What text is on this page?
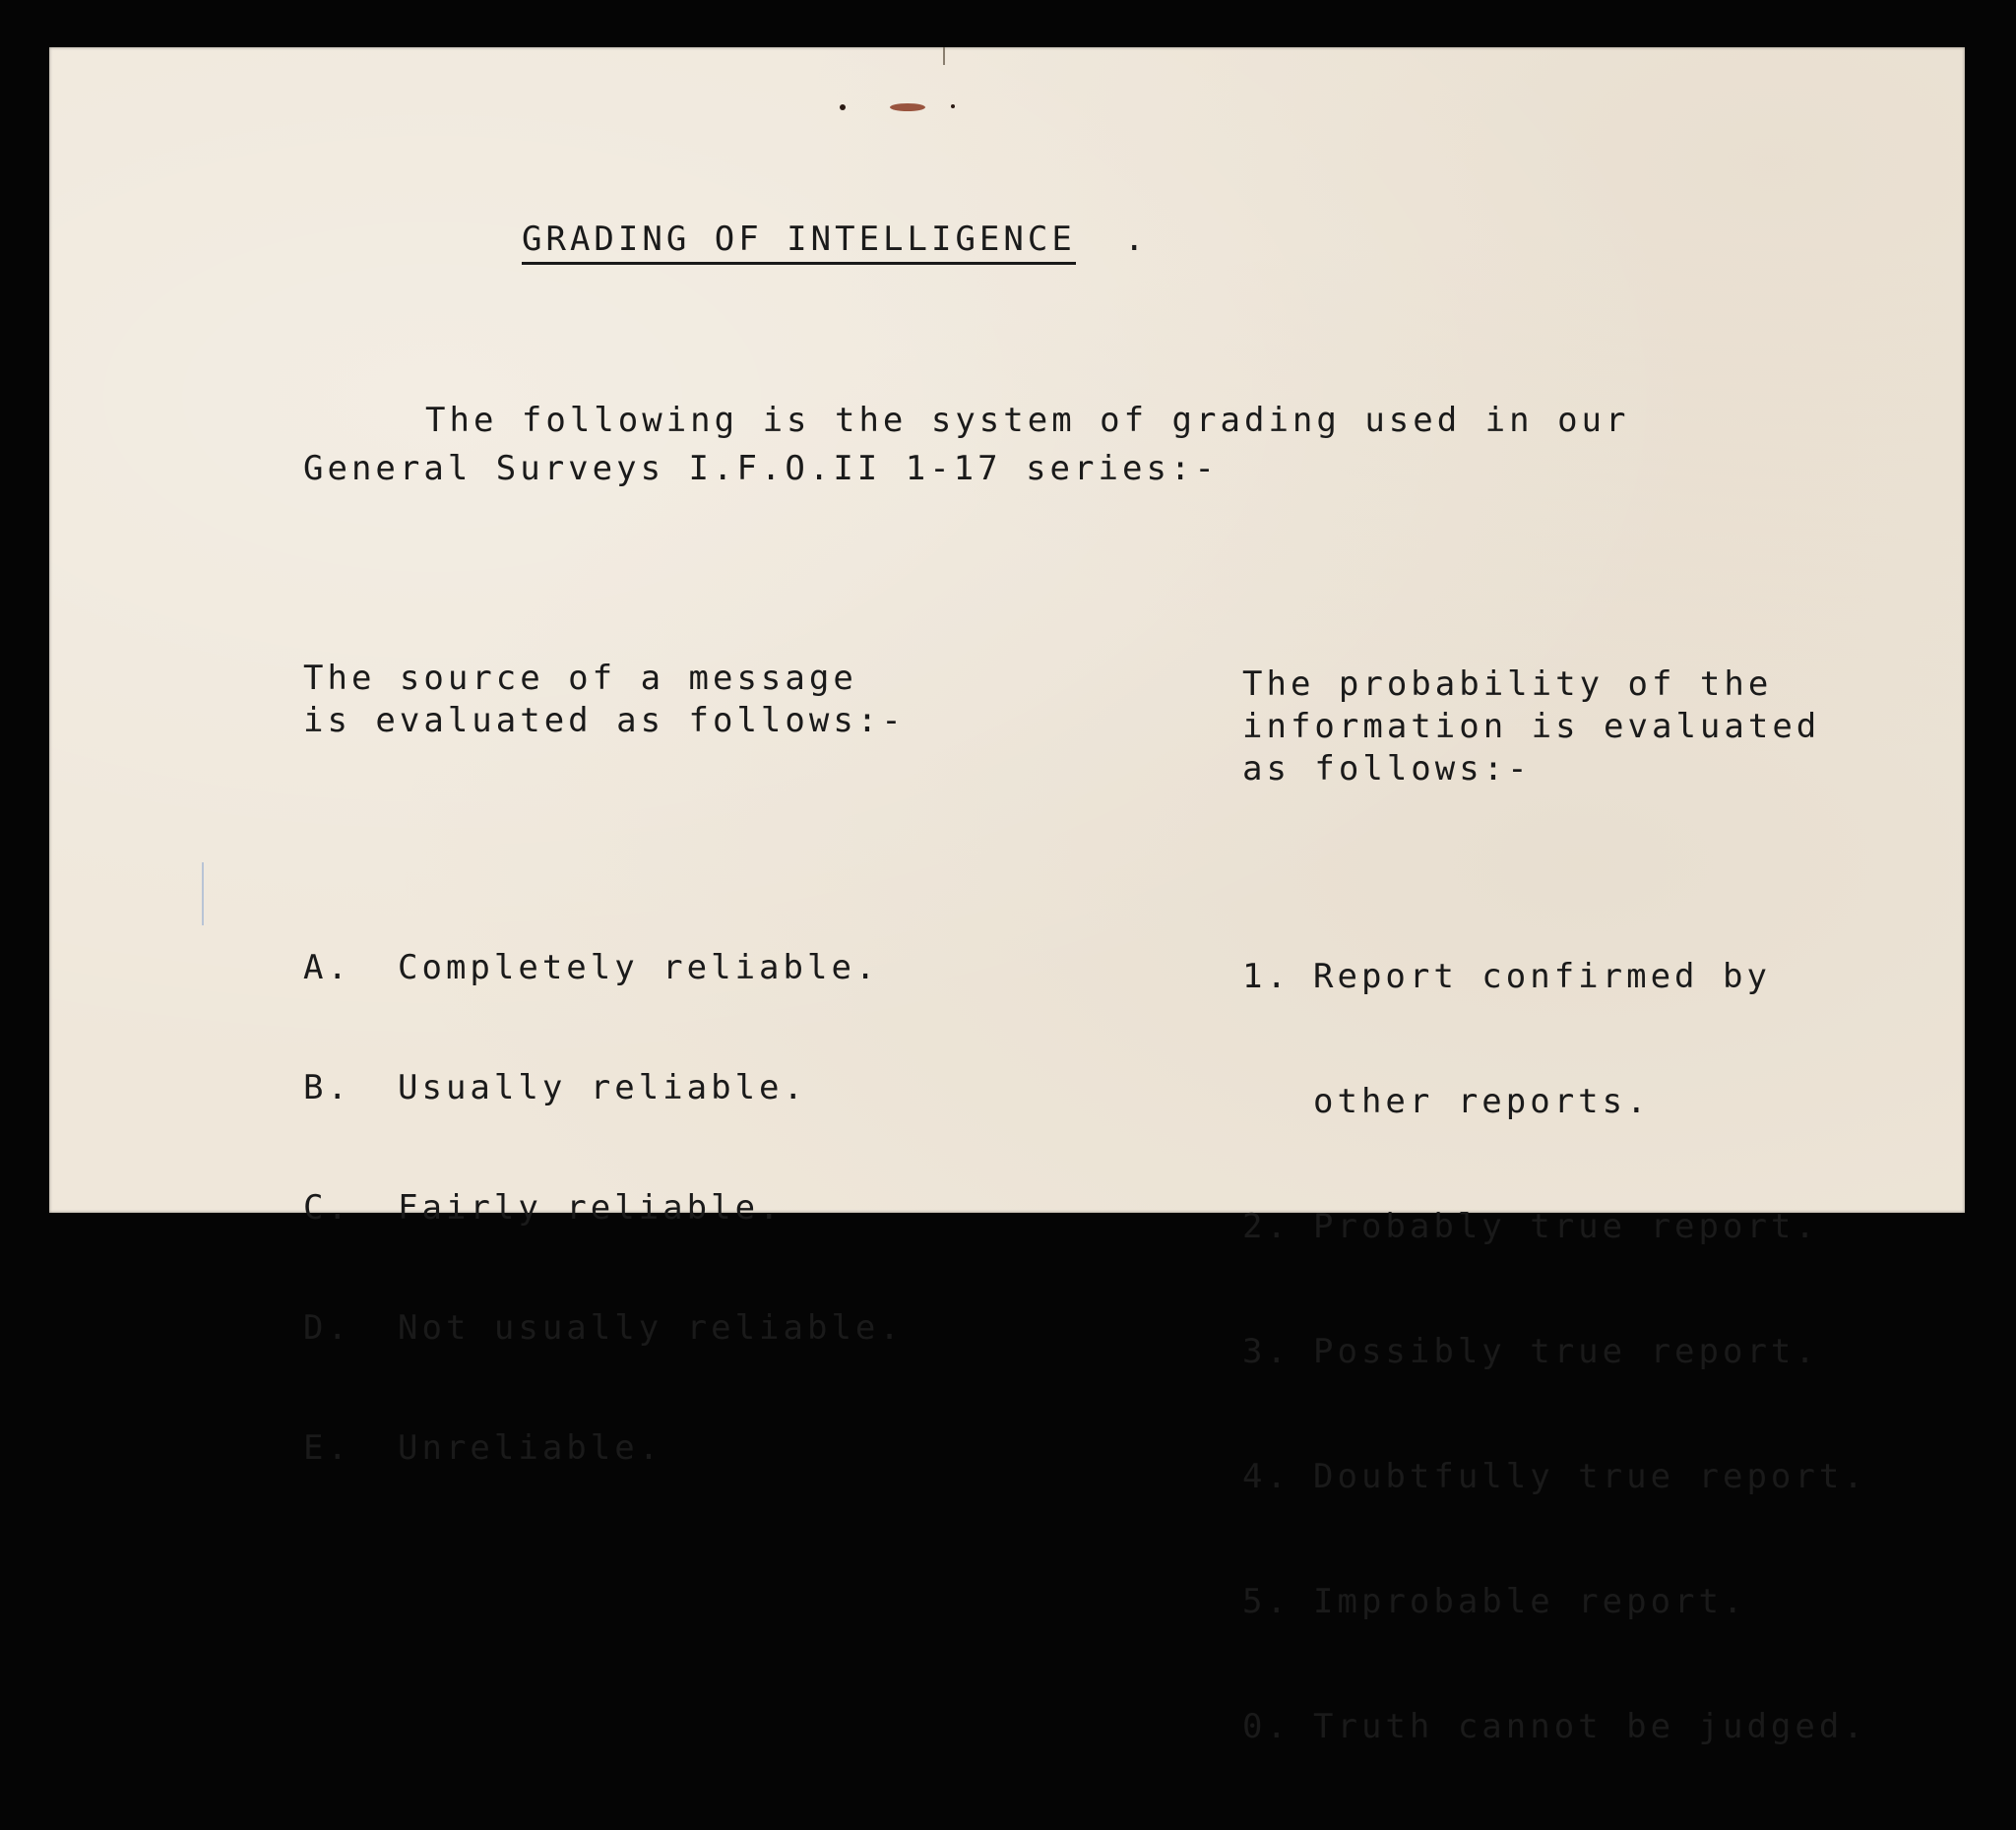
GRADING OF INTELLIGENCE .

The following is the system of grading used in our

General Surveys I.F.O.II 1-17 series:-

The source of a message

is evaluated as follows:-

The probability of the

information is evaluated

as follows:-

A.	Completely reliable.

B.	Usually reliable.

C.	Fairly reliable.

D.	Not usually reliable.

E.	Unreliable.

1. Report confirmed by

other reports.

2. Probably true report.

3. Possibly true report.

4. Doubtfully true report.

5. Improbable report.

0. Truth cannot be judged.
